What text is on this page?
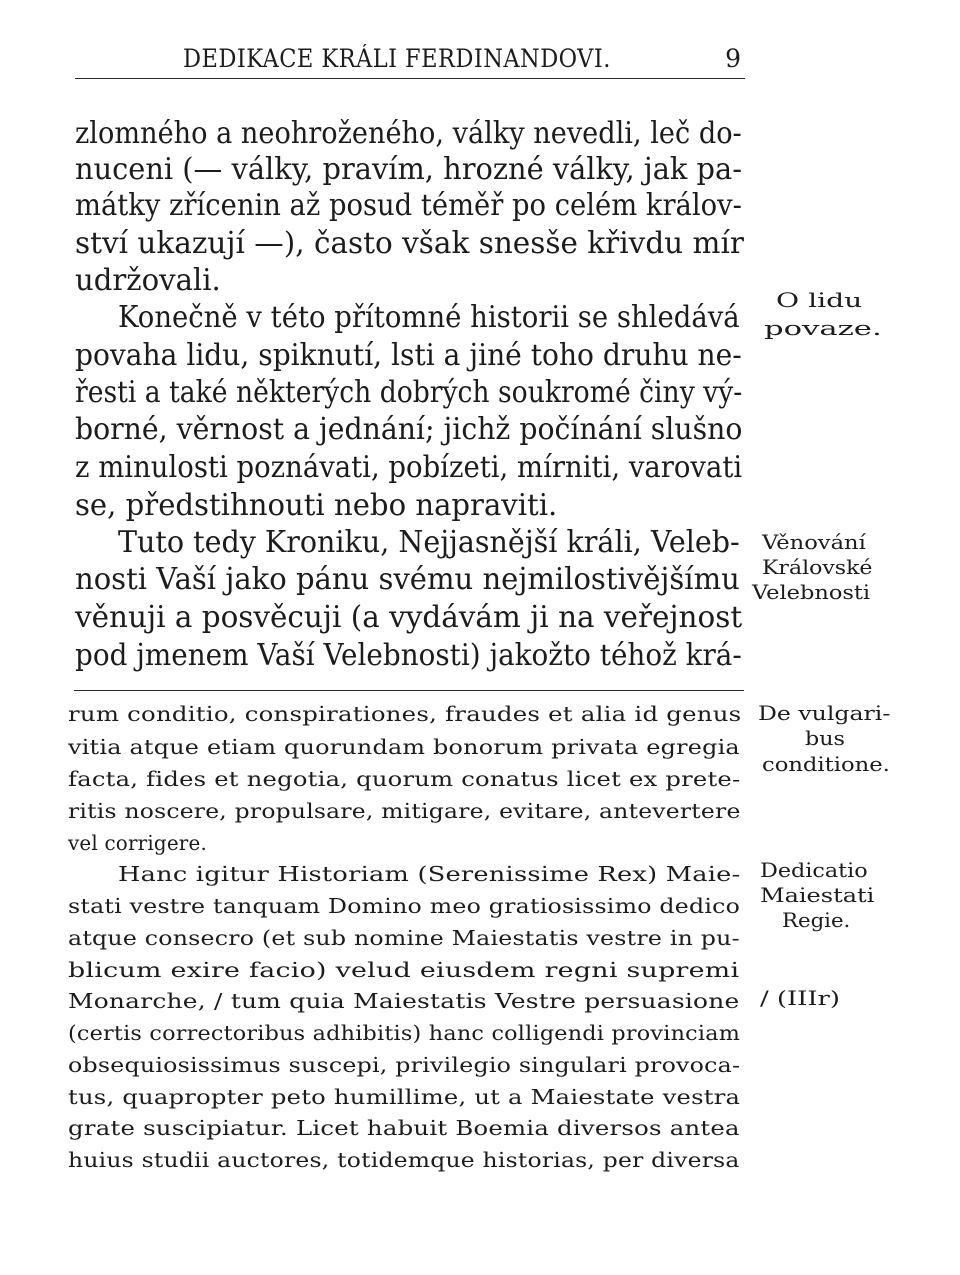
DEDIKACE KRÁLI FERDINANDOVI.	9
zlomného a neohroženého, války nevedli, leč do-
nuceni (— války, pravím, hrozné války, jak pa-
mátky zřícenin až posud téměř po celém králov-
ství ukazují —), často však snesše křivdu mír
udržovali.
Konečně v této přítomné historii se shledává
povaha lidu, spiknutí, lsti a jiné toho druhu ne-
řesti a také některých dobrých soukromé činy vý-
borné, věrnost a jednání; jichž počínání slušno
z minulosti poznávati, pobízeti, mírniti, varovati
se, předstihnouti nebo napraviti.
Tuto tedy Kroniku, Nejjasnější králi, Veleb-
nosti Vaší jako pánu svému nejmilostivějšímu
věnuji a posvěcuji (a vydávám ji na veřejnost
pod jmenem Vaší Velebnosti) jakožto téhož krá-
rum conditio, conspirationes, fraudes et alia id genus
vitia atque etiam quorundam bonorum privata egregia
facta, fides et negotia, quorum conatus licet ex prete-
ritis noscere, propulsare, mitigare, evitare, antevertere
vel corrigere.
Hanc igitur Historiam (Serenissime Rex) Maie-
stati vestre tanquam Domino meo gratiosissimo dedico
atque consecro (et sub nomine Maiestatis vestre in pu-
blicum exire facio) velud eiusdem regni supremi
Monarche, / tum quia Maiestatis Vestre persuasione
(certis correctoribus adhibitis) hanc colligendi provinciam
obsequiosissimus suscepi, privilegio singulari provoca-
tus, quapropter peto humillime, ut a Maiestate vestra
grate suscipiatur. Licet habuit Boemia diversos antea
huius studii auctores, totidemque historias, per diversa
O lidu
povaze.
Věnování
Královské
Velebnosti
De vulgari-
bus
conditione.
Dedicatio
Maiestati
Regie.
/ (IIIr)
